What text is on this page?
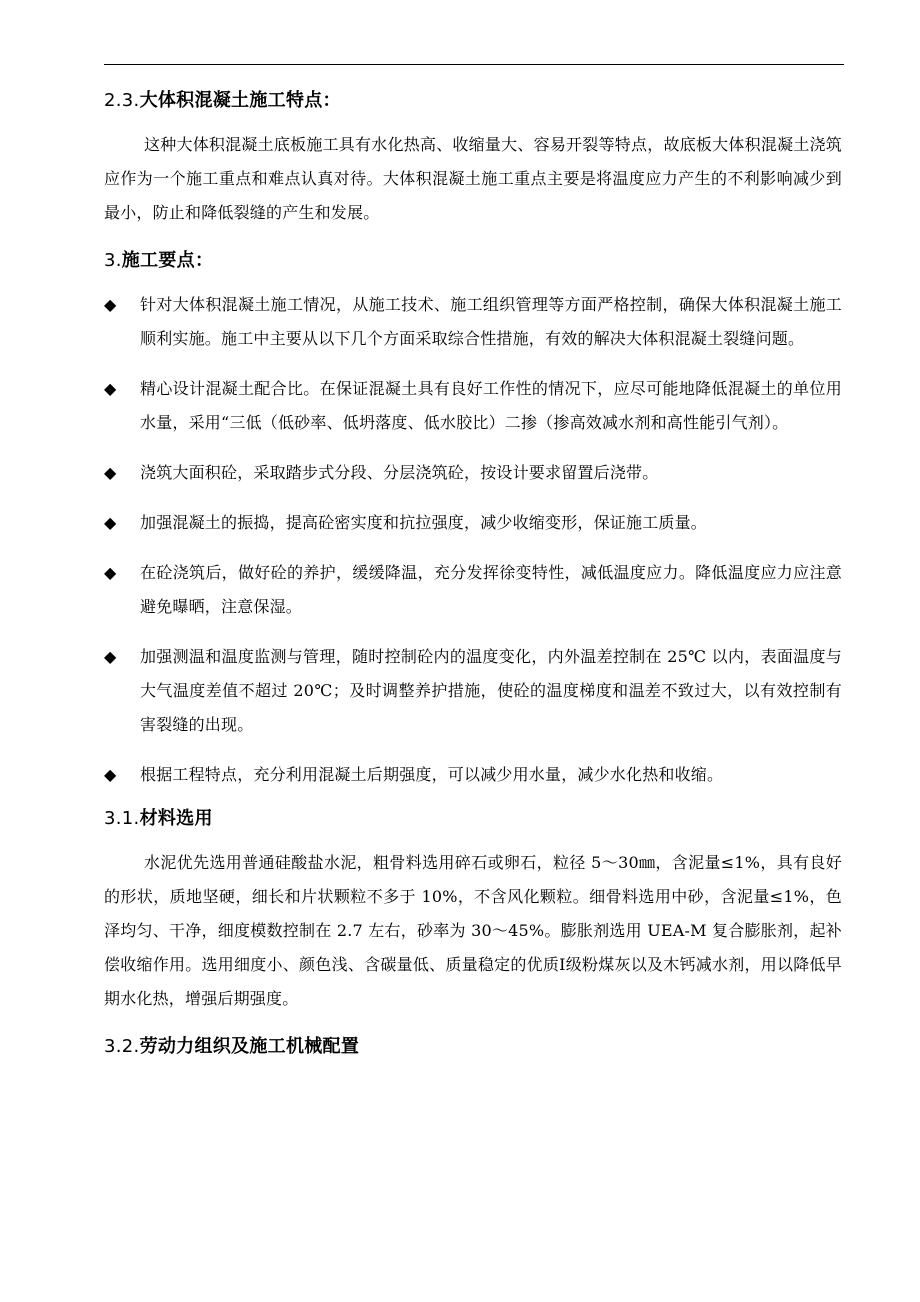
2.3.大体积混凝土施工特点：

这种大体积混凝土底板施工具有水化热高、收缩量大、容易开裂等特点，故底板大体积混凝土浇筑应作为一个施工重点和难点认真对待。大体积混凝土施工重点主要是将温度应力产生的不利影响减少到最小，防止和降低裂缝的产生和发展。

3.施工要点：
◆ 针对大体积混凝土施工情况，从施工技术、施工组织管理等方面严格控制，确保大体积混凝土施工顺利实施。施工中主要从以下几个方面采取综合性措施，有效的解决大体积混凝土裂缝问题。
◆ 精心设计混凝土配合比。在保证混凝土具有良好工作性的情况下，应尽可能地降低混凝土的单位用水量，采用“三低（低砂率、低坍落度、低水胶比）二掺（掺高效减水剂和高性能引气剂）。
◆ 浇筑大面积砼，采取踏步式分段、分层浇筑砼，按设计要求留置后浇带。
◆ 加强混凝土的振捣，提高砼密实度和抗拉强度，减少收缩变形，保证施工质量。
◆ 在砼浇筑后，做好砼的养护，缓缓降温，充分发挥徐变特性，减低温度应力。降低温度应力应注意避免曝晒，注意保湿。
◆ 加强测温和温度监测与管理，随时控制砼内的温度变化，内外温差控制在 25℃ 以内，表面温度与大气温度差值不超过 20℃；及时调整养护措施，使砼的温度梯度和温差不致过大，以有效控制有害裂缝的出现。
◆ 根据工程特点，充分利用混凝土后期强度，可以减少用水量，减少水化热和收缩。
3.1.材料选用

水泥优先选用普通硅酸盐水泥，粗骨料选用碎石或卵石，粒径 5～30㎜，含泥量≤1%，具有良好的形状，质地坚硬，细长和片状颗粒不多于 10%，不含风化颗粒。细骨料选用中砂，含泥量≤1%，色泽均匀、干净，细度模数控制在 2.7 左右，砂率为 30～45%。膨胀剂选用 UEA-M 复合膨胀剂，起补偿收缩作用。选用细度小、颜色浅、含碳量低、质量稳定的优质Ⅰ级粉煤灰以及木钙减水剂，用以降低早期水化热，增强后期强度。

3.2.劳动力组织及施工机械配置
